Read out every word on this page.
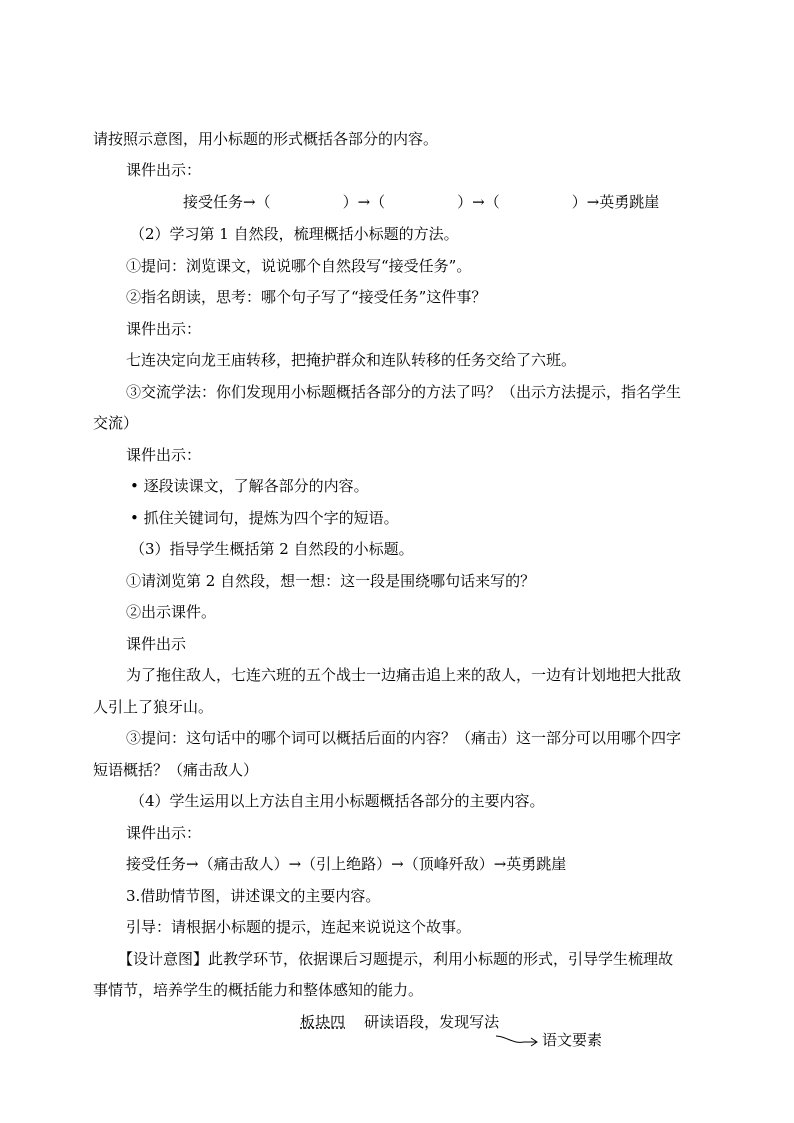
请按照示意图，用小标题的形式概括各部分的内容。
课件出示：
接受任务→（	）→（	）→（	）→英勇跳崖
（2）学习第 1 自然段，梳理概括小标题的方法。
①提问：浏览课文，说说哪个自然段写“接受任务”。
②指名朗读，思考：哪个句子写了“接受任务”这件事？
课件出示：
七连决定向龙王庙转移，把掩护群众和连队转移的任务交给了六班。
③交流学法：你们发现用小标题概括各部分的方法了吗？（出示方法提示，指名学生
交流）
课件出示：
• 逐段读课文，了解各部分的内容。
• 抓住关键词句，提炼为四个字的短语。
（3）指导学生概括第 2 自然段的小标题。
①请浏览第 2 自然段，想一想：这一段是围绕哪句话来写的？
②出示课件。
课件出示
为了拖住敌人，七连六班的五个战士一边痛击追上来的敌人，一边有计划地把大批敌
人引上了狼牙山。
③提问：这句话中的哪个词可以概括后面的内容？（痛击）这一部分可以用哪个四字
短语概括？（痛击敌人）
（4）学生运用以上方法自主用小标题概括各部分的主要内容。
课件出示：
接受任务→（痛击敌人）→（引上绝路）→（顶峰歼敌）→英勇跳崖
3.借助情节图，讲述课文的主要内容。
引导：请根据小标题的提示，连起来说说这个故事。
【设计意图】此教学环节，依据课后习题提示，利用小标题的形式，引导学生梳理故
事情节，培养学生的概括能力和整体感知的能力。
板块四 研读语段，发现写法
语文要素
